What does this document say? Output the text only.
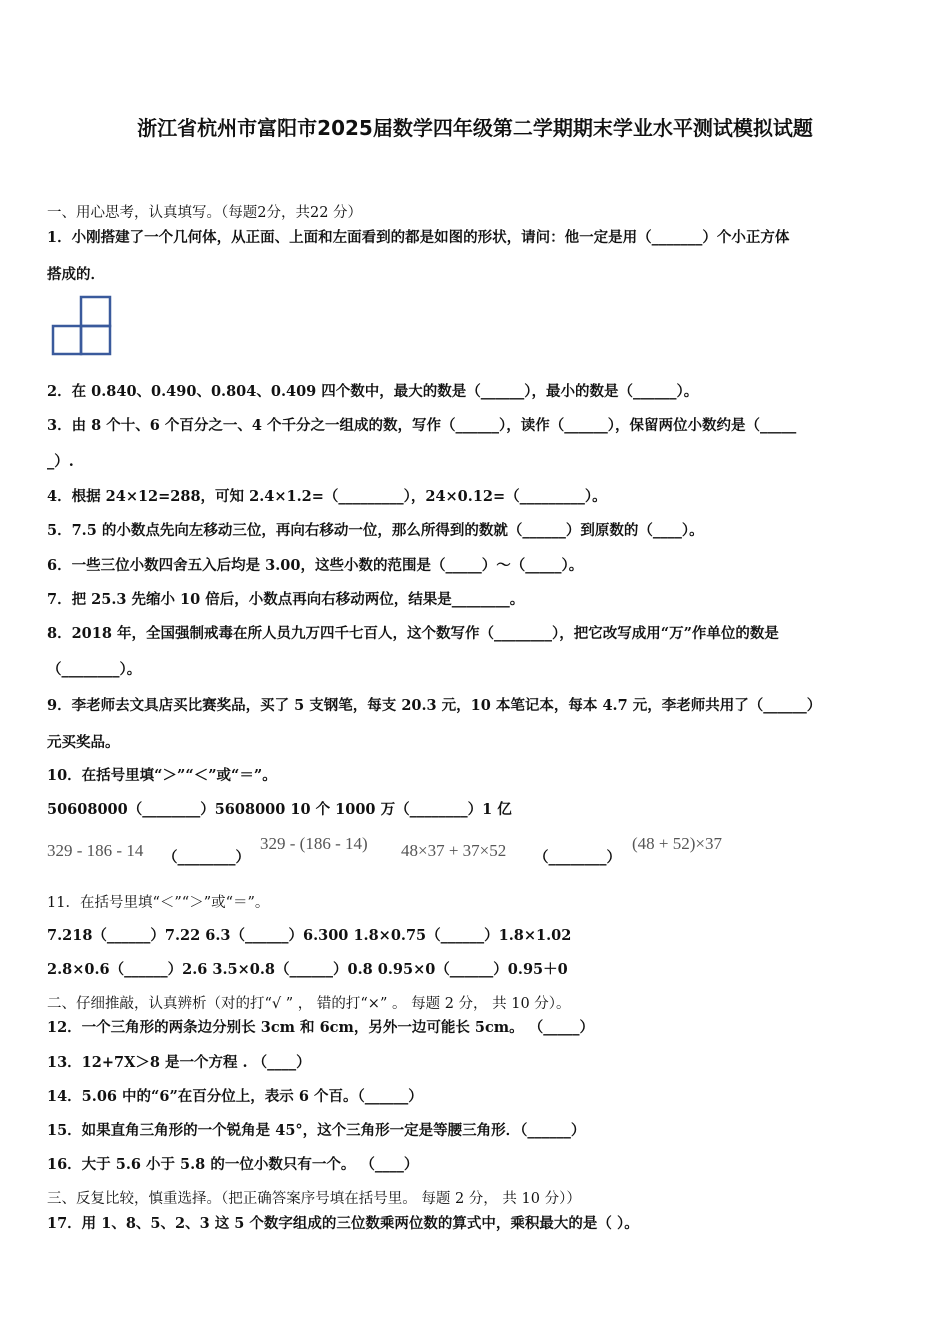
浙江省杭州市富阳市2025届数学四年级第二学期期末学业水平测试模拟试题
一、用心思考，认真填写。（每题2分，共22 分）
1．小刚搭建了一个几何体，从正面、上面和左面看到的都是如图的形状，请问：他一定是用（_______）个小正方体
搭成的．
2．在 0.840、0.490、0.804、0.409 四个数中，最大的数是（______），最小的数是（______）。
3．由 8 个十、6 个百分之一、4 个千分之一组成的数，写作（______），读作（______），保留两位小数约是（_____
_）.
4．根据 24×12=288，可知 2.4×1.2=（_________），24×0.12=（_________）。
5．7.5 的小数点先向左移动三位，再向右移动一位，那么所得到的数就（______）到原数的（____）。
6．一些三位小数四舍五入后均是 3.00，这些小数的范围是（_____）～（_____）。
7．把 25.3 先缩小 10 倍后，小数点再向右移动两位，结果是________。
8．2018 年，全国强制戒毒在所人员九万四千七百人，这个数写作（________），把它改写成用“万”作单位的数是
（________）。
9．李老师去文具店买比赛奖品，买了 5 支钢笔，每支 20.3 元，10 本笔记本，每本 4.7 元，李老师共用了（______）
元买奖品。
10．在括号里填“＞”“＜”或“＝”。
50608000（________）5608000 10 个 1000 万（________）1 亿
329 - 186 - 14 （________）
329 - (186 - 14) 48×37 + 37×52 （________）
(48 + 52)×37
11．在括号里填“＜”“＞”或“＝”。
7.218（______）7.22 6.3（______）6.300 1.8×0.75（______）1.8×1.02
2.8×0.6（______）2.6 3.5×0.8（______）0.8 0.95×0（______）0.95＋0
二、仔细推敲，认真辨析（对的打“√ ” ， 错的打“×” 。 每题 2 分， 共 10 分）。
12．一个三角形的两条边分别长 3cm 和 6cm，另外一边可能长 5cm。 （_____）
13．12+7X＞8 是一个方程 . （____）
14．5.06 中的“6”在百分位上，表示 6 个百。（______）
15．如果直角三角形的一个锐角是 45°，这个三角形一定是等腰三角形．（______）
16．大于 5.6 小于 5.8 的一位小数只有一个。 （____）
三、反复比较，慎重选择。（把正确答案序号填在括号里。 每题 2 分， 共 10 分））
17．用 1、8、5、2、3 这 5 个数字组成的三位数乘两位数的算式中，乘积最大的是（ ）。
